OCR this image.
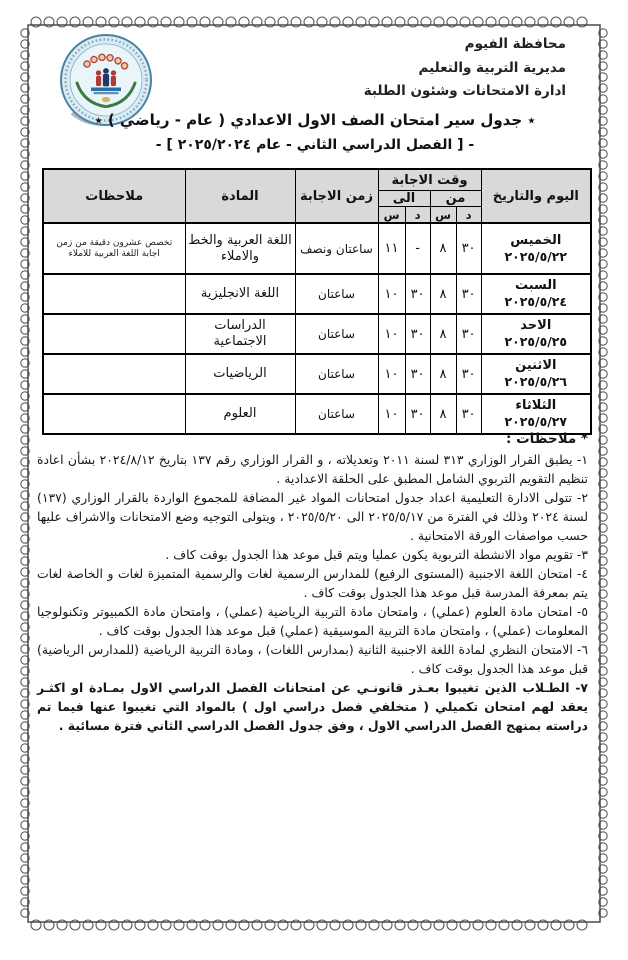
محافظة الفيوم
مديرية التربية والتعليم
ادارة الامتحانات وشئون الطلبة
٭ جدول سير امتحان الصف الاول الاعدادي ( عام - رياضي ) ٭
- [ الفصل الدراسي الثاني - عام ٢٠٢٥/٢٠٢٤ ] -
اليوم والتاريخ	وقت الاجابة				زمن الاجابة	المادة	ملاحظات
	من		الى				
	د	س	د	س			

الخميس
٢٠٢٥/٥/٢٢	٣٠	٨	-	١١	ساعتان ونصف	اللغة العربية والخط والاملاء	تخصص عشرون دقيقة من زمن اجابة اللغة العربية للاملاء

السبت
٢٠٢٥/٥/٢٤	٣٠	٨	٣٠	١٠	ساعتان	اللغة الانجليزية	

الاحد
٢٠٢٥/٥/٢٥	٣٠	٨	٣٠	١٠	ساعتان	الدراسات الاجتماعية	

الاثنين
٢٠٢٥/٥/٢٦	٣٠	٨	٣٠	١٠	ساعتان	الرياضيات	

الثلاثاء
٢٠٢٥/٥/٢٧	٣٠	٨	٣٠	١٠	ساعتان	العلوم	
* ملاحظات :
١- يطبق القرار الوزاري ٣١٣ لسنة ٢٠١١ وتعديلاته ، و القرار الوزاري رقم ١٣٧ بتاريخ ٢٠٢٤/٨/١٢ بشأن اعادة تنظيم التقويم التربوي الشامل المطبق على الحلقة الاعدادية .
٢- تتولى الادارة التعليمية اعداد جدول امتحانات المواد غير المضافة للمجموع الواردة بالقرار الوزاري (١٣٧) لسنة ٢٠٢٤ وذلك في الفترة من ٢٠٢٥/٥/١٧ الى ٢٠٢٥/٥/٢٠ ، ويتولى التوجيه وضع الامتحانات والاشراف عليها حسب مواصفات الورقة الامتحانية .
٣- تقويم مواد الانشطة التربوية يكون عمليا ويتم قبل موعد هذا الجدول بوقت كاف .
٤- امتحان اللغة الاجنبية (المستوى الرفيع) للمدارس الرسمية لغات والرسمية المتميزة لغات و الخاصة لغات يتم بمعرفة المدرسة قبل موعد هذا الجدول بوقت كاف .
٥- امتحان مادة العلوم (عملي) ، وامتحان مادة التربية الرياضية (عملي) ، وامتحان مادة الكمبيوتر وتكنولوجيا المعلومات (عملي) ، وامتحان مادة التربية الموسيقية (عملي) قبل موعد هذا الجدول بوقت كاف .
٦- الامتحان النظري لمادة اللغة الاجنبية الثانية (بمدارس اللغات) ، ومادة التربية الرياضية (للمدارس الرياضية) قبل موعد هذا الجدول بوقت كاف .
٧- الطـلاب الذين تغيبوا بعـذر قانونـي عن امتحانات الفصل الدراسي الاول بمـادة او اكثـر يعقد لهم امتحان تكميلي ( متخلفي فصل دراسي اول ) بالمواد التي تغيبوا عنها فيما تم دراسته بمنهج الفصل الدراسي الاول ، وفق جدول الفصل الدراسي الثاني فترة مسائية .
